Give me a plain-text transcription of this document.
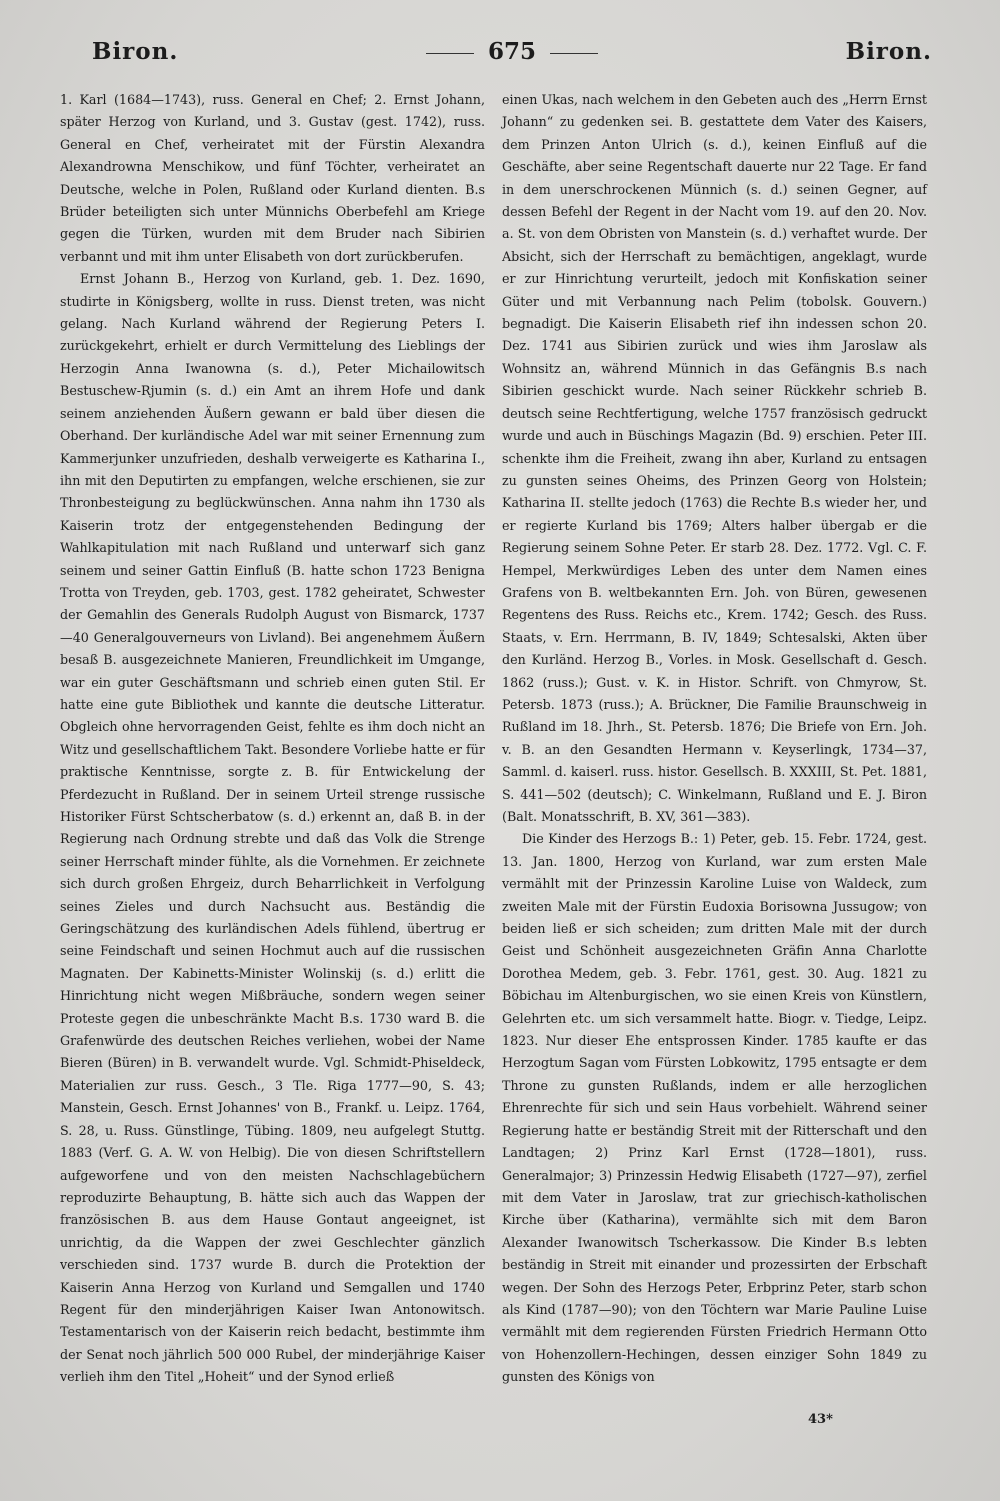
Biron.	675	Biron.

1. Karl (1684—1743), russ. General en Chef; 2. Ernst Johann, später Herzog von Kurland, und 3. Gustav (gest. 1742), russ. General en Chef, verheiratet mit der Fürstin Alexandra Alexandrowna Menschikow, und fünf Töchter, verheiratet an Deutsche, welche in Polen, Rußland oder Kurland dienten. B.s Brüder beteiligten sich unter Münnichs Oberbefehl am Kriege gegen die Türken, wurden mit dem Bruder nach Sibirien verbannt und mit ihm unter Elisabeth von dort zurückberufen.

Ernst Johann B., Herzog von Kurland, geb. 1. Dez. 1690, studirte in Königsberg, wollte in russ. Dienst treten, was nicht gelang. Nach Kurland während der Regierung Peters I. zurückgekehrt, erhielt er durch Vermittelung des Lieblings der Herzogin Anna Iwanowna (s. d.), Peter Michailowitsch Bestuschew-Rjumin (s. d.) ein Amt an ihrem Hofe und dank seinem anziehenden Äußern gewann er bald über diesen die Oberhand. Der kurländische Adel war mit seiner Ernennung zum Kammerjunker unzufrieden, deshalb verweigerte es Katharina I., ihn mit den Deputirten zu empfangen, welche erschienen, sie zur Thronbesteigung zu beglückwünschen. Anna nahm ihn 1730 als Kaiserin trotz der entgegenstehenden Bedingung der Wahlkapitulation mit nach Rußland und unterwarf sich ganz seinem und seiner Gattin Einfluß (B. hatte schon 1723 Benigna Trotta von Treyden, geb. 1703, gest. 1782 geheiratet, Schwester der Gemahlin des Generals Rudolph August von Bismarck, 1737—40 Generalgouverneurs von Livland). Bei angenehmem Äußern besaß B. ausgezeichnete Manieren, Freundlichkeit im Umgange, war ein guter Geschäftsmann und schrieb einen guten Stil. Er hatte eine gute Bibliothek und kannte die deutsche Litteratur. Obgleich ohne hervorragenden Geist, fehlte es ihm doch nicht an Witz und gesellschaftlichem Takt. Besondere Vorliebe hatte er für praktische Kenntnisse, sorgte z. B. für Entwickelung der Pferdezucht in Rußland. Der in seinem Urteil strenge russische Historiker Fürst Schtscherbatow (s. d.) erkennt an, daß B. in der Regierung nach Ordnung strebte und daß das Volk die Strenge seiner Herrschaft minder fühlte, als die Vornehmen. Er zeichnete sich durch großen Ehrgeiz, durch Beharrlichkeit in Verfolgung seines Zieles und durch Nachsucht aus. Beständig die Geringschätzung des kurländischen Adels fühlend, übertrug er seine Feindschaft und seinen Hochmut auch auf die russischen Magnaten. Der Kabinetts-Minister Wolinskij (s. d.) erlitt die Hinrichtung nicht wegen Mißbräuche, sondern wegen seiner Proteste gegen die unbeschränkte Macht B.s. 1730 ward B. die Grafenwürde des deutschen Reiches verliehen, wobei der Name Bieren (Büren) in B. verwandelt wurde. Vgl. Schmidt-Phiseldeck, Materialien zur russ. Gesch., 3 Tle. Riga 1777—90, S. 43; Manstein, Gesch. Ernst Johannes' von B., Frankf. u. Leipz. 1764, S. 28, u. Russ. Günstlinge, Tübing. 1809, neu aufgelegt Stuttg. 1883 (Verf. G. A. W. von Helbig). Die von diesen Schriftstellern aufgeworfene und von den meisten Nachschlagebüchern reproduzirte Behauptung, B. hätte sich auch das Wappen der französischen B. aus dem Hause Gontaut angeeignet, ist unrichtig, da die Wappen der zwei Geschlechter gänzlich verschieden sind. 1737 wurde B. durch die Protektion der Kaiserin Anna Herzog von Kurland und Semgallen und 1740 Regent für den minderjährigen Kaiser Iwan Antonowitsch. Testamentarisch von der Kaiserin reich bedacht, bestimmte ihm der Senat noch jährlich 500 000 Rubel, der minderjährige Kaiser verlieh ihm den Titel „Hoheit“ und der Synod erließ

einen Ukas, nach welchem in den Gebeten auch des „Herrn Ernst Johann“ zu gedenken sei. B. gestattete dem Vater des Kaisers, dem Prinzen Anton Ulrich (s. d.), keinen Einfluß auf die Geschäfte, aber seine Regentschaft dauerte nur 22 Tage. Er fand in dem unerschrockenen Münnich (s. d.) seinen Gegner, auf dessen Befehl der Regent in der Nacht vom 19. auf den 20. Nov. a. St. von dem Obristen von Manstein (s. d.) verhaftet wurde. Der Absicht, sich der Herrschaft zu bemächtigen, angeklagt, wurde er zur Hinrichtung verurteilt, jedoch mit Konfiskation seiner Güter und mit Verbannung nach Pelim (tobolsk. Gouvern.) begnadigt. Die Kaiserin Elisabeth rief ihn indessen schon 20. Dez. 1741 aus Sibirien zurück und wies ihm Jaroslaw als Wohnsitz an, während Münnich in das Gefängnis B.s nach Sibirien geschickt wurde. Nach seiner Rückkehr schrieb B. deutsch seine Rechtfertigung, welche 1757 französisch gedruckt wurde und auch in Büschings Magazin (Bd. 9) erschien. Peter III. schenkte ihm die Freiheit, zwang ihn aber, Kurland zu entsagen zu gunsten seines Oheims, des Prinzen Georg von Holstein; Katharina II. stellte jedoch (1763) die Rechte B.s wieder her, und er regierte Kurland bis 1769; Alters halber übergab er die Regierung seinem Sohne Peter. Er starb 28. Dez. 1772. Vgl. C. F. Hempel, Merkwürdiges Leben des unter dem Namen eines Grafens von B. weltbekannten Ern. Joh. von Büren, gewesenen Regentens des Russ. Reichs etc., Krem. 1742; Gesch. des Russ. Staats, v. Ern. Herrmann, B. IV, 1849; Schtesalski, Akten über den Kurländ. Herzog B., Vorles. in Mosk. Gesellschaft d. Gesch. 1862 (russ.); Gust. v. K. in Histor. Schrift. von Chmyrow, St. Petersb. 1873 (russ.); A. Brückner, Die Familie Braunschweig in Rußland im 18. Jhrh., St. Petersb. 1876; Die Briefe von Ern. Joh. v. B. an den Gesandten Hermann v. Keyserlingk, 1734—37, Samml. d. kaiserl. russ. histor. Gesellsch. B. XXXIII, St. Pet. 1881, S. 441—502 (deutsch); C. Winkelmann, Rußland und E. J. Biron (Balt. Monatsschrift, B. XV, 361—383).

Die Kinder des Herzogs B.: 1) Peter, geb. 15. Febr. 1724, gest. 13. Jan. 1800, Herzog von Kurland, war zum ersten Male vermählt mit der Prinzessin Karoline Luise von Waldeck, zum zweiten Male mit der Fürstin Eudoxia Borisowna Jussugow; von beiden ließ er sich scheiden; zum dritten Male mit der durch Geist und Schönheit ausgezeichneten Gräfin Anna Charlotte Dorothea Medem, geb. 3. Febr. 1761, gest. 30. Aug. 1821 zu Böbichau im Altenburgischen, wo sie einen Kreis von Künstlern, Gelehrten etc. um sich versammelt hatte. Biogr. v. Tiedge, Leipz. 1823. Nur dieser Ehe entsprossen Kinder. 1785 kaufte er das Herzogtum Sagan vom Fürsten Lobkowitz, 1795 entsagte er dem Throne zu gunsten Rußlands, indem er alle herzoglichen Ehrenrechte für sich und sein Haus vorbehielt. Während seiner Regierung hatte er beständig Streit mit der Ritterschaft und den Landtagen; 2) Prinz Karl Ernst (1728—1801), russ. Generalmajor; 3) Prinzessin Hedwig Elisabeth (1727—97), zerfiel mit dem Vater in Jaroslaw, trat zur griechisch-katholischen Kirche über (Katharina), vermählte sich mit dem Baron Alexander Iwanowitsch Tscherkassow. Die Kinder B.s lebten beständig in Streit mit einander und prozessirten der Erbschaft wegen. Der Sohn des Herzogs Peter, Erbprinz Peter, starb schon als Kind (1787—90); von den Töchtern war Marie Pauline Luise vermählt mit dem regierenden Fürsten Friedrich Hermann Otto von Hohenzollern-Hechingen, dessen einziger Sohn 1849 zu gunsten des Königs von

43*
